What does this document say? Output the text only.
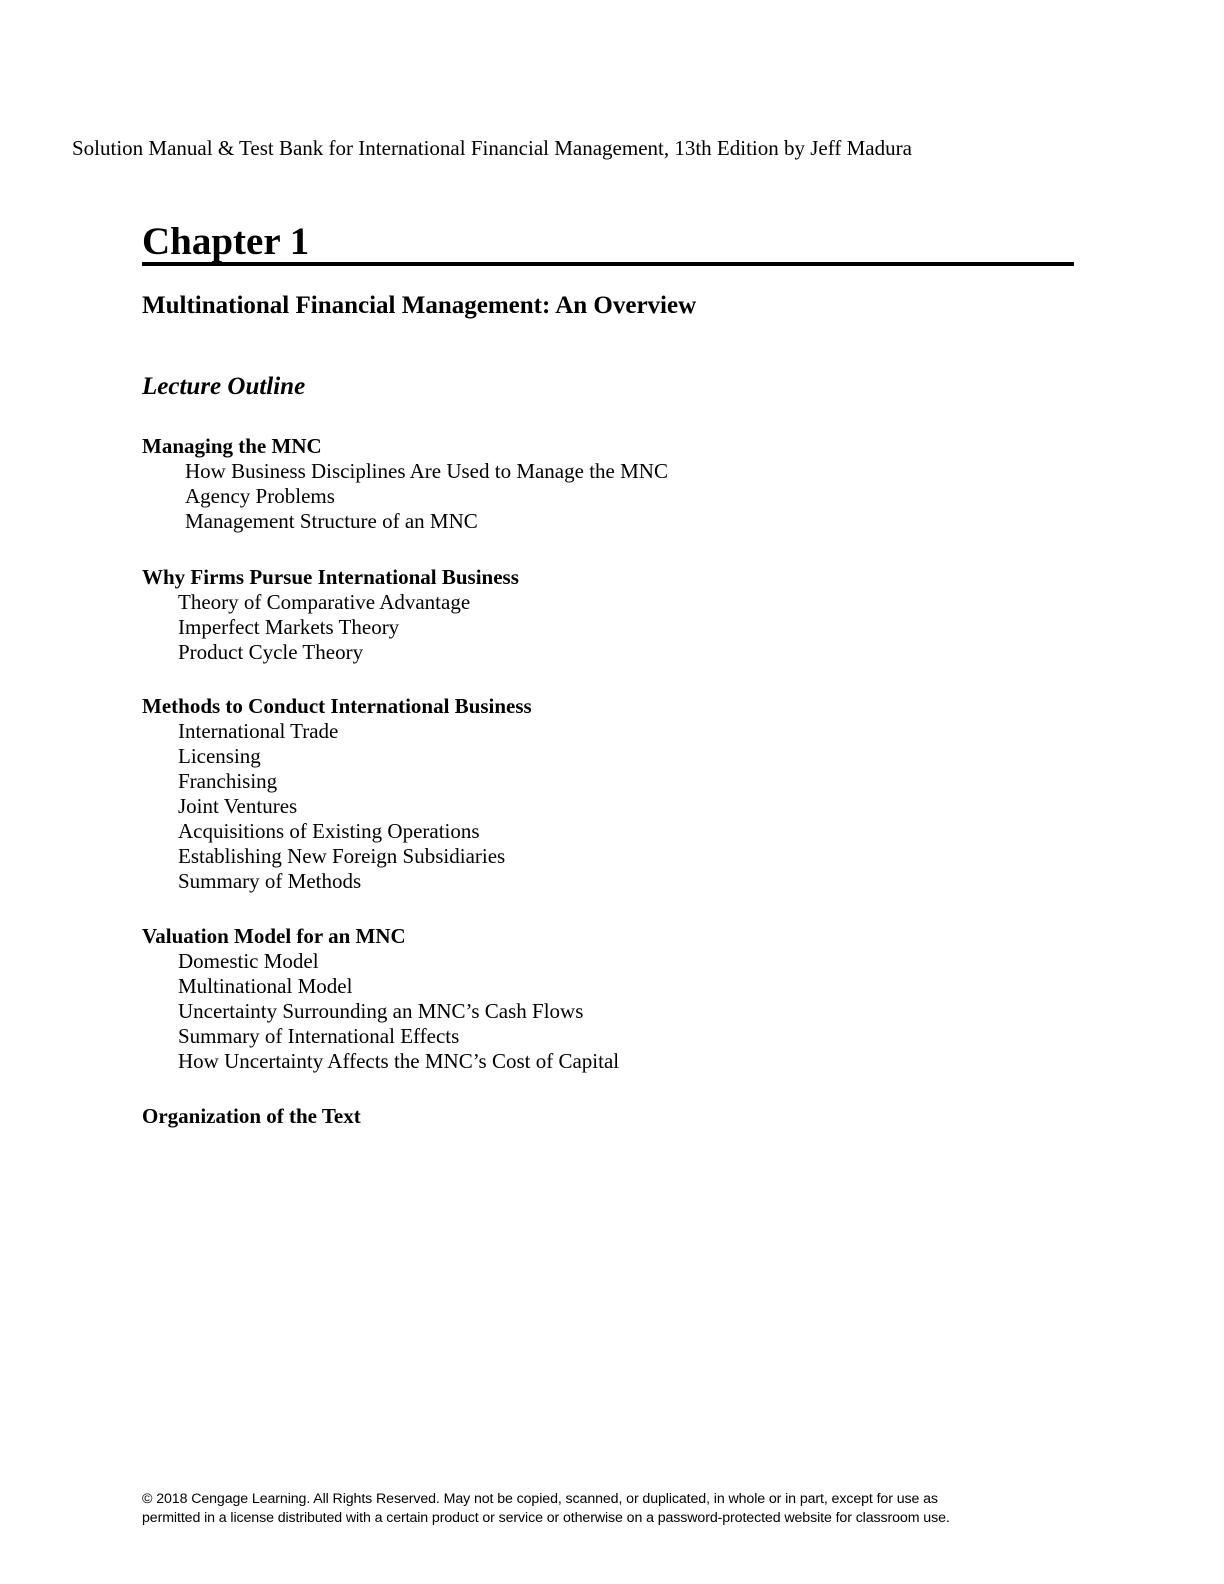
Solution Manual & Test Bank for International Financial Management, 13th Edition by Jeff Madura
Chapter 1
Multinational Financial Management: An Overview
Lecture Outline
Managing the MNC
How Business Disciplines Are Used to Manage the MNC
Agency Problems
Management Structure of an MNC
Why Firms Pursue International Business
Theory of Comparative Advantage
Imperfect Markets Theory
Product Cycle Theory
Methods to Conduct International Business
International Trade
Licensing
Franchising
Joint Ventures
Acquisitions of Existing Operations
Establishing New Foreign Subsidiaries
Summary of Methods
Valuation Model for an MNC
Domestic Model
Multinational Model
Uncertainty Surrounding an MNC’s Cash Flows
Summary of International Effects
How Uncertainty Affects the MNC’s Cost of Capital
Organization of the Text
© 2018 Cengage Learning. All Rights Reserved. May not be copied, scanned, or duplicated, in whole or in part, except for use as
permitted in a license distributed with a certain product or service or otherwise on a password-protected website for classroom use.
